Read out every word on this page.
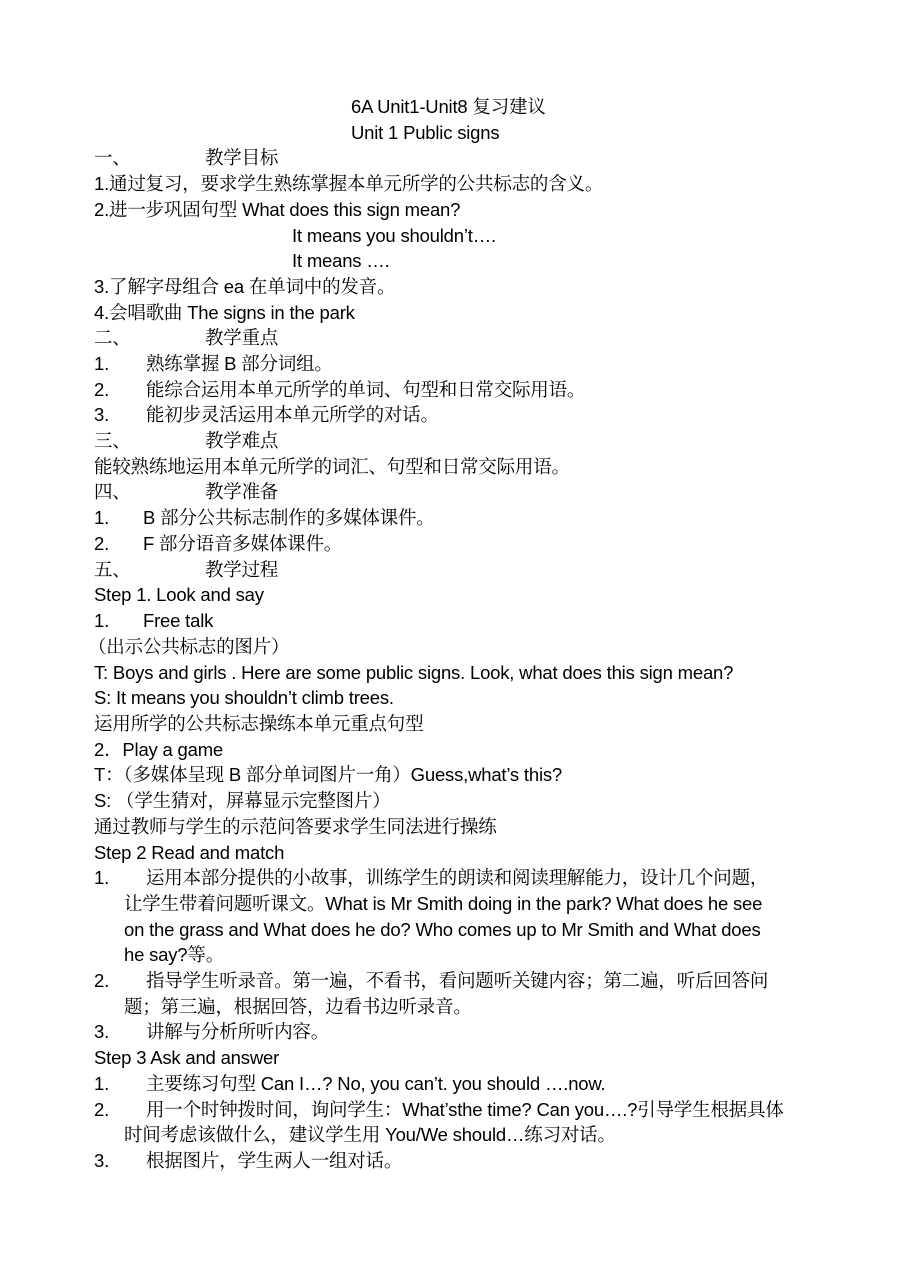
6A Unit1-Unit8 复习建议
Unit 1 Public signs
一、	教学目标
1.通过复习，要求学生熟练掌握本单元所学的公共标志的含义。
2.进一步巩固句型 What does this sign mean?
It means you shouldn’t….
It means ….
3.了解字母组合 ea 在单词中的发音。
4.会唱歌曲 The signs in the park
二、	教学重点
1. 熟练掌握 B 部分词组。
2. 能综合运用本单元所学的单词、句型和日常交际用语。
3. 能初步灵活运用本单元所学的对话。
三、	教学难点
能较熟练地运用本单元所学的词汇、句型和日常交际用语。
四、	教学准备
1. B 部分公共标志制作的多媒体课件。
2. F 部分语音多媒体课件。
五、	教学过程
Step 1. Look and say
1. Free talk
（出示公共标志的图片）
T: Boys and girls . Here are some public signs. Look, what does this sign mean?
S: It means you shouldn’t climb trees.
运用所学的公共标志操练本单元重点句型
2．Play a game
T：（多媒体呈现 B 部分单词图片一角）Guess,what’s this?
S: （学生猜对，屏幕显示完整图片）
通过教师与学生的示范问答要求学生同法进行操练
Step 2 Read and match
1. 运用本部分提供的小故事，训练学生的朗读和阅读理解能力，设计几个问题，
让学生带着问题听课文。What is Mr Smith doing in the park? What does he see
on the grass and What does he do? Who comes up to Mr Smith and What does
he say?等。
2. 指导学生听录音。第一遍，不看书，看问题听关键内容；第二遍，听后回答问
题；第三遍，根据回答，边看书边听录音。
3. 讲解与分析所听内容。
Step 3 Ask and answer
1. 主要练习句型 Can I…? No, you can’t. you should ….now.
2. 用一个时钟拨时间，询问学生：What’sthe time? Can you….?引导学生根据具体
时间考虑该做什么，建议学生用 You/We should…练习对话。
3. 根据图片，学生两人一组对话。
